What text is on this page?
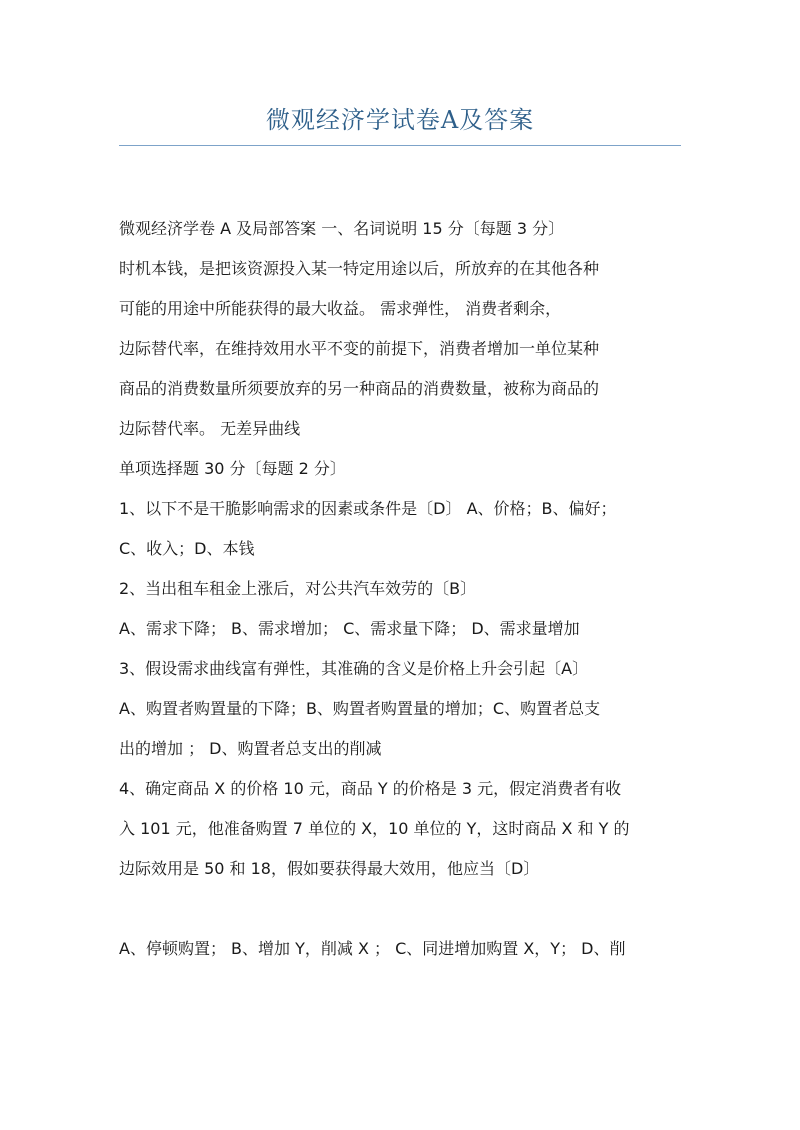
微观经济学试卷A及答案
微观经济学卷 A 及局部答案 一、名词说明 15 分〔每题 3 分〕
时机本钱，是把该资源投入某一特定用途以后，所放弃的在其他各种
可能的用途中所能获得的最大收益。 需求弹性， 消费者剩余，
边际替代率，在维持效用水平不变的前提下，消费者增加一单位某种
商品的消费数量所须要放弃的另一种商品的消费数量，被称为商品的
边际替代率。 无差异曲线
单项选择题 30 分〔每题 2 分〕
1、以下不是干脆影响需求的因素或条件是〔D〕 A、价格；B、偏好；
C、收入；D、本钱
2、当出租车租金上涨后，对公共汽车效劳的〔B〕
A、需求下降； B、需求增加； C、需求量下降； D、需求量增加
3、假设需求曲线富有弹性，其准确的含义是价格上升会引起〔A〕
A、购置者购置量的下降；B、购置者购置量的增加；C、购置者总支
出的增加 ； D、购置者总支出的削减
4、确定商品 X 的价格 10 元，商品 Y 的价格是 3 元，假定消费者有收
入 101 元，他准备购置 7 单位的 X，10 单位的 Y，这时商品 X 和 Y 的
边际效用是 50 和 18，假如要获得最大效用，他应当〔D〕
A、停顿购置； B、增加 Y，削减 X ； C、同进增加购置 X，Y； D、削
